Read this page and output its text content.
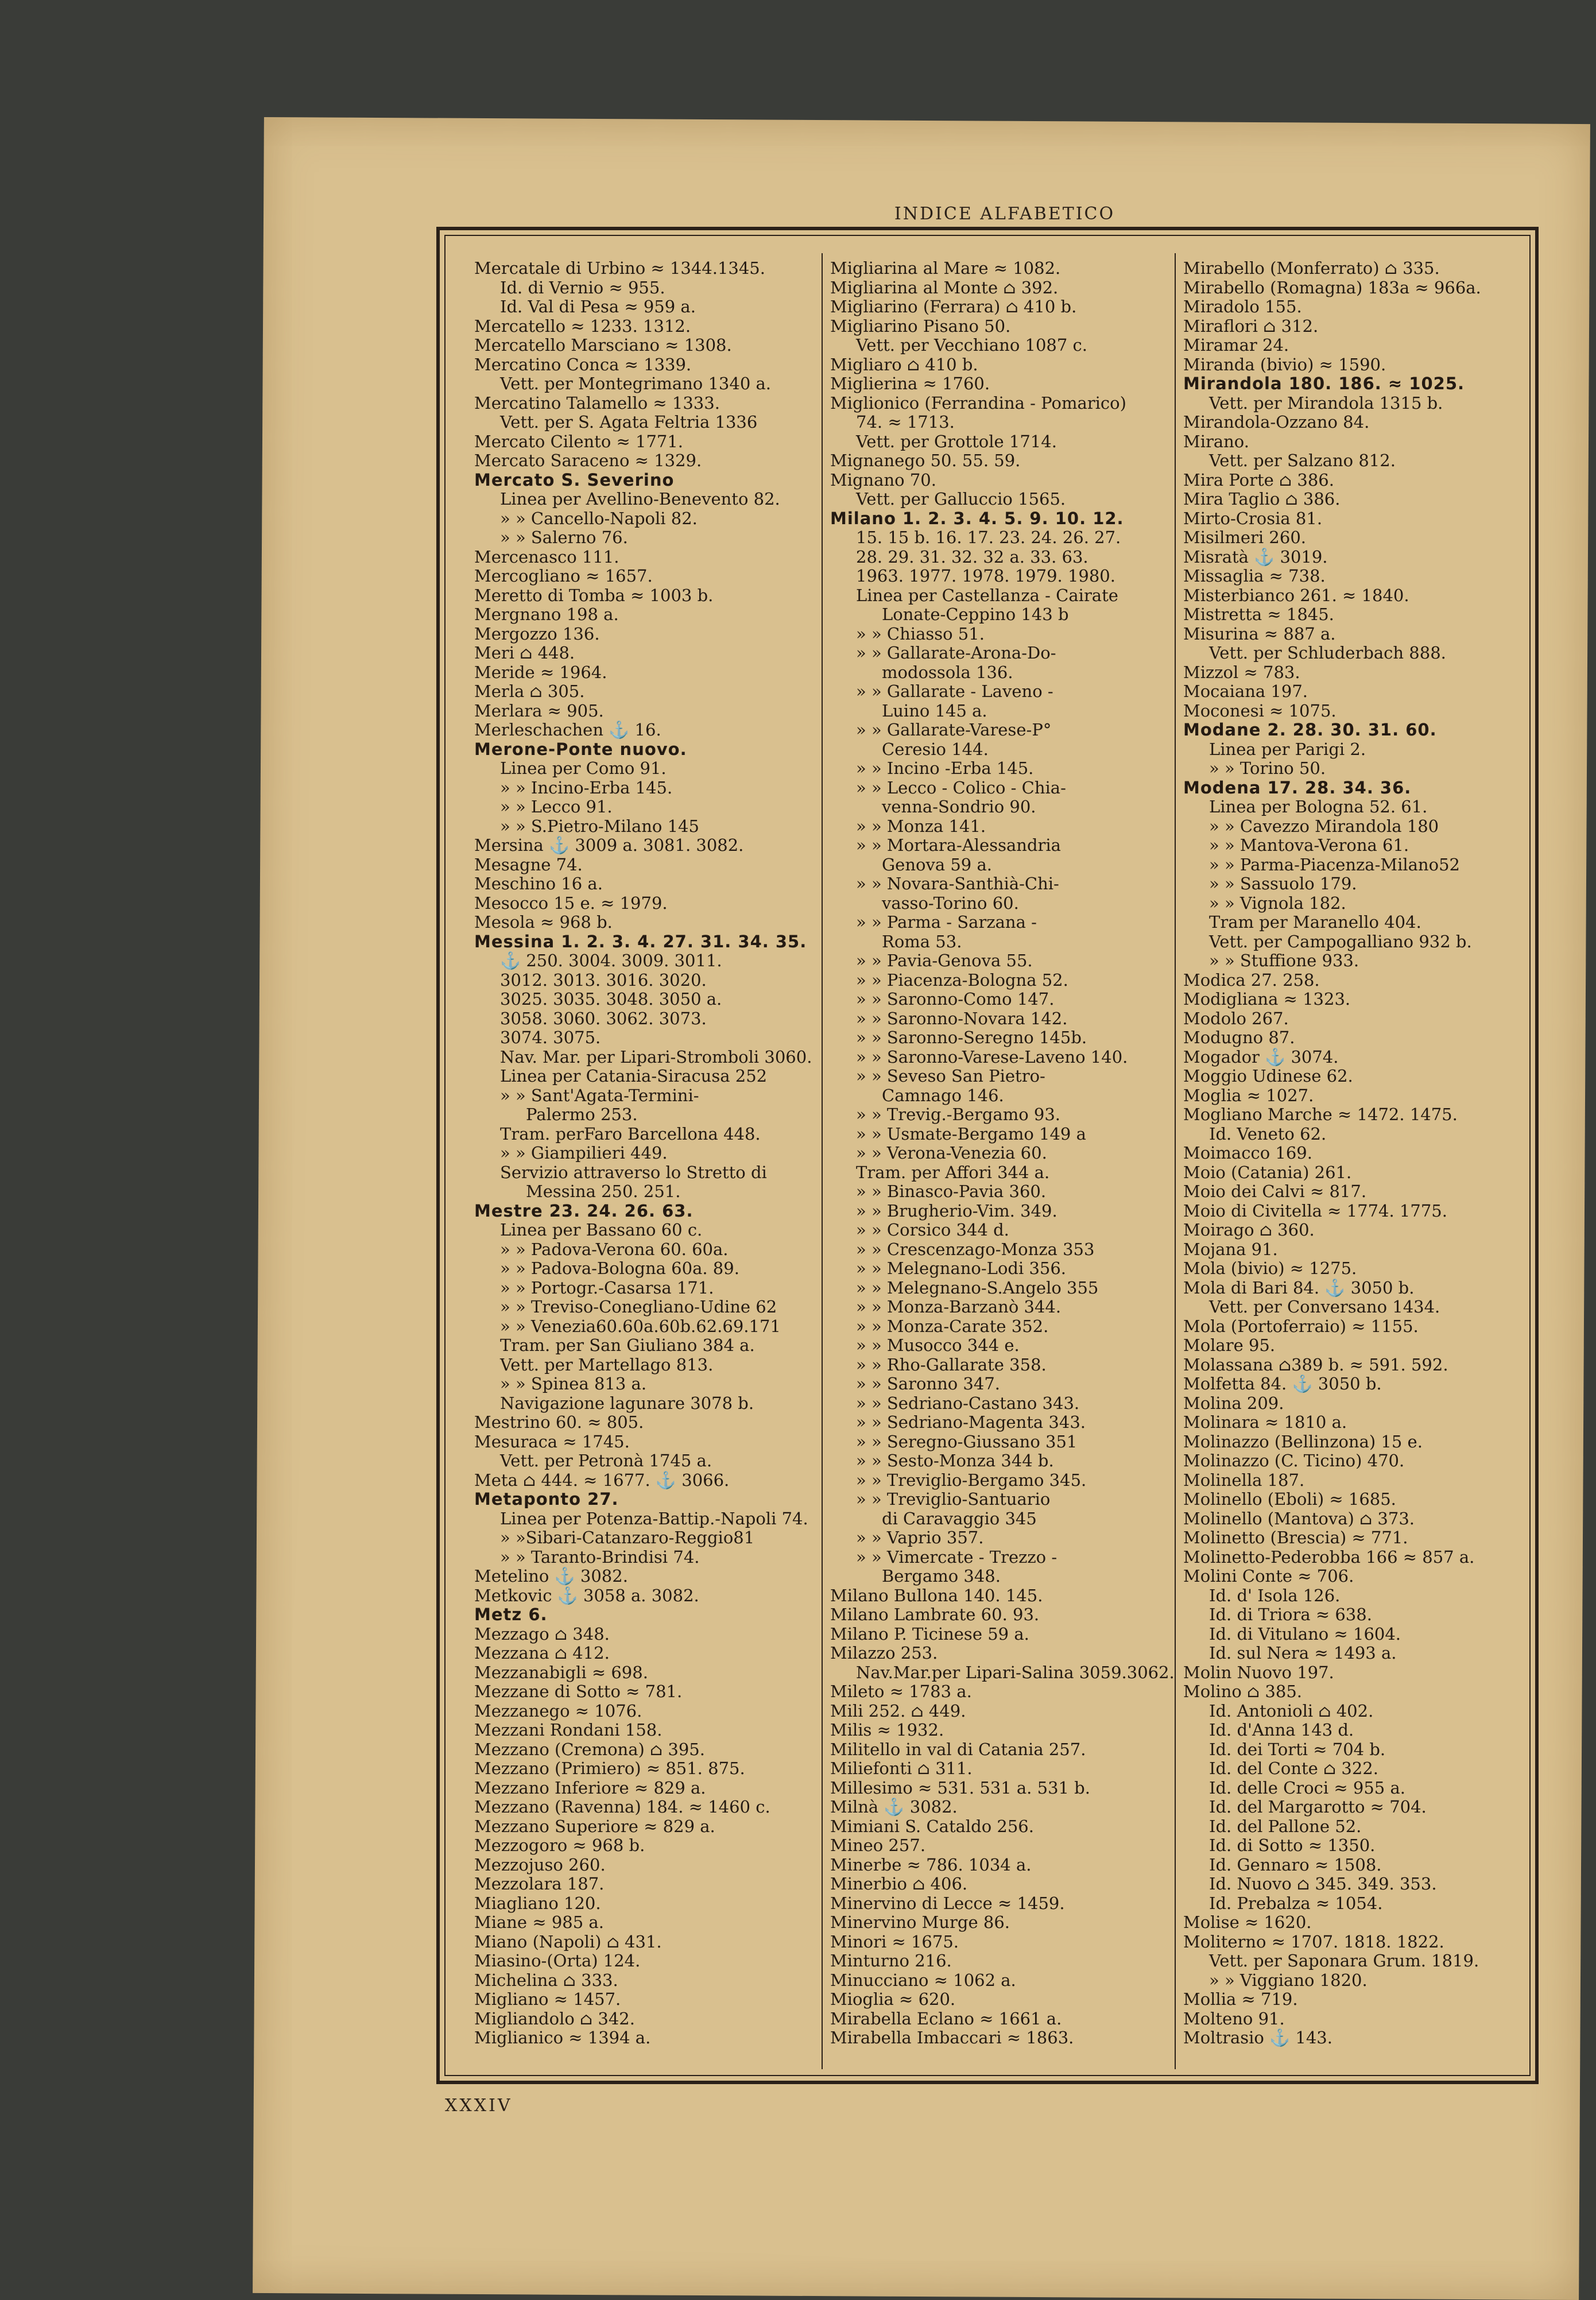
INDICE ALFABETICO

Mercatale di Urbino ≈ 1344.1345.

Id. di Vernio ≈ 955.

Id. Val di Pesa ≈ 959 a.

Mercatello ≈ 1233. 1312.

Mercatello Marsciano ≈ 1308.

Mercatino Conca ≈ 1339.

Vett. per Montegrimano 1340 a.

Mercatino Talamello ≈ 1333.

Vett. per S. Agata Feltria 1336

Mercato Cilento ≈ 1771.

Mercato Saraceno ≈ 1329.

Mercato S. Severino

Linea per Avellino-Benevento 82.

» » Cancello-Napoli 82.

» » Salerno 76.

Mercenasco 111.

Mercogliano ≈ 1657.

Meretto di Tomba ≈ 1003 b.

Mergnano 198 a.

Mergozzo 136.

Meri ⌂ 448.

Meride ≈ 1964.

Merla ⌂ 305.

Merlara ≈ 905.

Merleschachen ⚓ 16.

Merone-Ponte nuovo.

Linea per Como 91.

» » Incino-Erba 145.

» » Lecco 91.

» » S.Pietro-Milano 145

Mersina ⚓ 3009 a. 3081. 3082.

Mesagne 74.

Meschino 16 a.

Mesocco 15 e. ≈ 1979.

Mesola ≈ 968 b.

Messina 1. 2. 3. 4. 27. 31. 34. 35.

⚓ 250. 3004. 3009. 3011.

3012. 3013. 3016. 3020.

3025. 3035. 3048. 3050 a.

3058. 3060. 3062. 3073.

3074. 3075.

Nav. Mar. per Lipari-Stromboli 3060.

Linea per Catania-Siracusa 252

» » Sant'Agata-Termini-

Palermo 253.

Tram. perFaro Barcellona 448.

» » Giampilieri 449.

Servizio attraverso lo Stretto di

Messina 250. 251.

Mestre 23. 24. 26. 63.

Linea per Bassano 60 c.

» » Padova-Verona 60. 60a.

» » Padova-Bologna 60a. 89.

» » Portogr.-Casarsa 171.

» » Treviso-Conegliano-Udine 62

» » Venezia60.60a.60b.62.69.171

Tram. per San Giuliano 384 a.

Vett. per Martellago 813.

» » Spinea 813 a.

Navigazione lagunare 3078 b.

Mestrino 60. ≈ 805.

Mesuraca ≈ 1745.

Vett. per Petronà 1745 a.

Meta ⌂ 444. ≈ 1677. ⚓ 3066.

Metaponto 27.

Linea per Potenza-Battip.-Napoli 74.

» »Sibari-Catanzaro-Reggio81

» » Taranto-Brindisi 74.

Metelino ⚓ 3082.

Metkovic ⚓ 3058 a. 3082.

Metz 6.

Mezzago ⌂ 348.

Mezzana ⌂ 412.

Mezzanabigli ≈ 698.

Mezzane di Sotto ≈ 781.

Mezzanego ≈ 1076.

Mezzani Rondani 158.

Mezzano (Cremona) ⌂ 395.

Mezzano (Primiero) ≈ 851. 875.

Mezzano Inferiore ≈ 829 a.

Mezzano (Ravenna) 184. ≈ 1460 c.

Mezzano Superiore ≈ 829 a.

Mezzogoro ≈ 968 b.

Mezzojuso 260.

Mezzolara 187.

Miagliano 120.

Miane ≈ 985 a.

Miano (Napoli) ⌂ 431.

Miasino-(Orta) 124.

Michelina ⌂ 333.

Migliano ≈ 1457.

Migliandolo ⌂ 342.

Miglianico ≈ 1394 a.

Migliarina al Mare ≈ 1082.

Migliarina al Monte ⌂ 392.

Migliarino (Ferrara) ⌂ 410 b.

Migliarino Pisano 50.

Vett. per Vecchiano 1087 c.

Migliaro ⌂ 410 b.

Miglierina ≈ 1760.

Miglionico (Ferrandina - Pomarico)

74. ≈ 1713.

Vett. per Grottole 1714.

Mignanego 50. 55. 59.

Mignano 70.

Vett. per Galluccio 1565.

Milano 1. 2. 3. 4. 5. 9. 10. 12.

15. 15 b. 16. 17. 23. 24. 26. 27.

28. 29. 31. 32. 32 a. 33. 63.

1963. 1977. 1978. 1979. 1980.

Linea per Castellanza - Cairate

Lonate-Ceppino 143 b

» » Chiasso 51.

» » Gallarate-Arona-Do-

modossola 136.

» » Gallarate - Laveno -

Luino 145 a.

» » Gallarate-Varese-P°

Ceresio 144.

» » Incino -Erba 145.

» » Lecco - Colico - Chia-

venna-Sondrio 90.

» » Monza 141.

» » Mortara-Alessandria

Genova 59 a.

» » Novara-Santhià-Chi-

vasso-Torino 60.

» » Parma - Sarzana -

Roma 53.

» » Pavia-Genova 55.

» » Piacenza-Bologna 52.

» » Saronno-Como 147.

» » Saronno-Novara 142.

» » Saronno-Seregno 145b.

» » Saronno-Varese-Laveno 140.

» » Seveso San Pietro-

Camnago 146.

» » Trevig.-Bergamo 93.

» » Usmate-Bergamo 149 a

» » Verona-Venezia 60.

Tram. per Affori 344 a.

» » Binasco-Pavia 360.

» » Brugherio-Vim. 349.

» » Corsico 344 d.

» » Crescenzago-Monza 353

» » Melegnano-Lodi 356.

» » Melegnano-S.Angelo 355

» » Monza-Barzanò 344.

» » Monza-Carate 352.

» » Musocco 344 e.

» » Rho-Gallarate 358.

» » Saronno 347.

» » Sedriano-Castano 343.

» » Sedriano-Magenta 343.

» » Seregno-Giussano 351

» » Sesto-Monza 344 b.

» » Treviglio-Bergamo 345.

» » Treviglio-Santuario

di Caravaggio 345

» » Vaprio 357.

» » Vimercate - Trezzo -

Bergamo 348.

Milano Bullona 140. 145.

Milano Lambrate 60. 93.

Milano P. Ticinese 59 a.

Milazzo 253.

Nav.Mar.per Lipari-Salina 3059.3062.

Mileto ≈ 1783 a.

Mili 252. ⌂ 449.

Milis ≈ 1932.

Militello in val di Catania 257.

Miliefonti ⌂ 311.

Millesimo ≈ 531. 531 a. 531 b.

Milnà ⚓ 3082.

Mimiani S. Cataldo 256.

Mineo 257.

Minerbe ≈ 786. 1034 a.

Minerbio ⌂ 406.

Minervino di Lecce ≈ 1459.

Minervino Murge 86.

Minori ≈ 1675.

Minturno 216.

Minucciano ≈ 1062 a.

Mioglia ≈ 620.

Mirabella Eclano ≈ 1661 a.

Mirabella Imbaccari ≈ 1863.

Mirabello (Monferrato) ⌂ 335.

Mirabello (Romagna) 183a ≈ 966a.

Miradolo 155.

Miraflori ⌂ 312.

Miramar 24.

Miranda (bivio) ≈ 1590.

Mirandola 180. 186. ≈ 1025.

Vett. per Mirandola 1315 b.

Mirandola-Ozzano 84.

Mirano.

Vett. per Salzano 812.

Mira Porte ⌂ 386.

Mira Taglio ⌂ 386.

Mirto-Crosia 81.

Misilmeri 260.

Misratà ⚓ 3019.

Missaglia ≈ 738.

Misterbianco 261. ≈ 1840.

Mistretta ≈ 1845.

Misurina ≈ 887 a.

Vett. per Schluderbach 888.

Mizzol ≈ 783.

Mocaiana 197.

Moconesi ≈ 1075.

Modane 2. 28. 30. 31. 60.

Linea per Parigi 2.

» » Torino 50.

Modena 17. 28. 34. 36.

Linea per Bologna 52. 61.

» » Cavezzo Mirandola 180

» » Mantova-Verona 61.

» » Parma-Piacenza-Milano52

» » Sassuolo 179.

» » Vignola 182.

Tram per Maranello 404.

Vett. per Campogalliano 932 b.

» » Stuffione 933.

Modica 27. 258.

Modigliana ≈ 1323.

Modolo 267.

Modugno 87.

Mogador ⚓ 3074.

Moggio Udinese 62.

Moglia ≈ 1027.

Mogliano Marche ≈ 1472. 1475.

Id. Veneto 62.

Moimacco 169.

Moio (Catania) 261.

Moio dei Calvi ≈ 817.

Moio di Civitella ≈ 1774. 1775.

Moirago ⌂ 360.

Mojana 91.

Mola (bivio) ≈ 1275.

Mola di Bari 84. ⚓ 3050 b.

Vett. per Conversano 1434.

Mola (Portoferraio) ≈ 1155.

Molare 95.

Molassana ⌂389 b. ≈ 591. 592.

Molfetta 84. ⚓ 3050 b.

Molina 209.

Molinara ≈ 1810 a.

Molinazzo (Bellinzona) 15 e.

Molinazzo (C. Ticino) 470.

Molinella 187.

Molinello (Eboli) ≈ 1685.

Molinello (Mantova) ⌂ 373.

Molinetto (Brescia) ≈ 771.

Molinetto-Pederobba 166 ≈ 857 a.

Molini Conte ≈ 706.

Id. d' Isola 126.

Id. di Triora ≈ 638.

Id. di Vitulano ≈ 1604.

Id. sul Nera ≈ 1493 a.

Molin Nuovo 197.

Molino ⌂ 385.

Id. Antonioli ⌂ 402.

Id. d'Anna 143 d.

Id. dei Torti ≈ 704 b.

Id. del Conte ⌂ 322.

Id. delle Croci ≈ 955 a.

Id. del Margarotto ≈ 704.

Id. del Pallone 52.

Id. di Sotto ≈ 1350.

Id. Gennaro ≈ 1508.

Id. Nuovo ⌂ 345. 349. 353.

Id. Prebalza ≈ 1054.

Molise ≈ 1620.

Moliterno ≈ 1707. 1818. 1822.

Vett. per Saponara Grum. 1819.

» » Viggiano 1820.

Mollia ≈ 719.

Molteno 91.

Moltrasio ⚓ 143.

XXXIV
